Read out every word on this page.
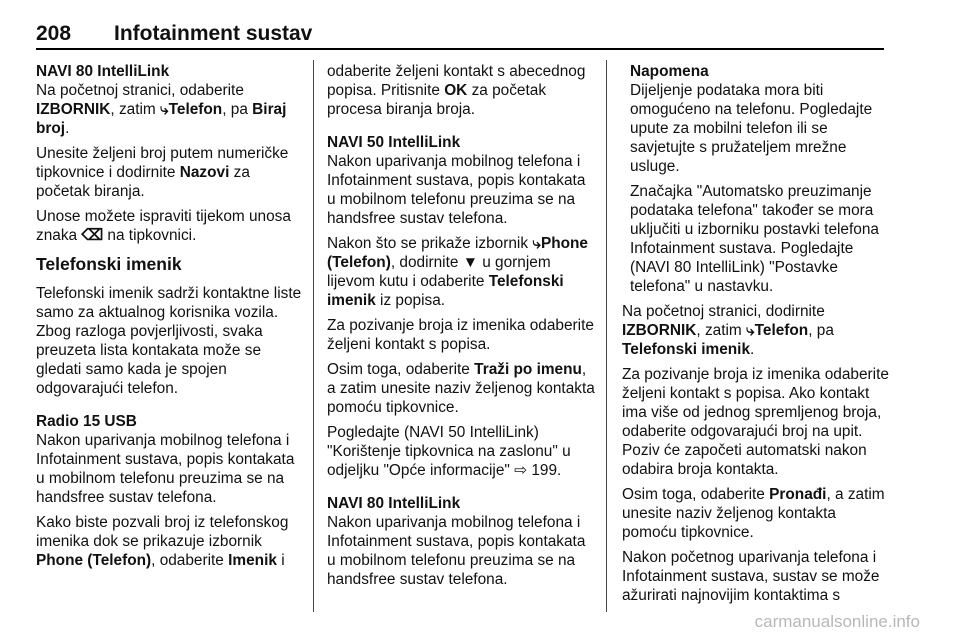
208 Infotainment sustav

NAVI 80 IntelliLink

Na početnoj stranici, odaberite IZBORNIK, zatim ⤷Telefon, pa Biraj broj.

Unesite željeni broj putem numeričke tipkovnice i dodirnite Nazovi za početak biranja.

Unose možete ispraviti tijekom unosa znaka ⌫ na tipkovnici.

Telefonski imenik

Telefonski imenik sadrži kontaktne liste samo za aktualnog korisnika vozila. Zbog razloga povjerljivosti, svaka preuzeta lista kontakata može se gledati samo kada je spojen odgovarajući telefon.

Radio 15 USB

Nakon uparivanja mobilnog telefona i Infotainment sustava, popis kontakata u mobilnom telefonu preuzima se na handsfree sustav telefona.

Kako biste pozvali broj iz telefonskog imenika dok se prikazuje izbornik Phone (Telefon), odaberite Imenik i

odaberite željeni kontakt s abecednog popisa. Pritisnite OK za početak procesa biranja broja.

NAVI 50 IntelliLink

Nakon uparivanja mobilnog telefona i Infotainment sustava, popis kontakata u mobilnom telefonu preuzima se na handsfree sustav telefona.

Nakon što se prikaže izbornik ⤷Phone (Telefon), dodirnite ▼ u gornjem lijevom kutu i odaberite Telefonski imenik iz popisa.

Za pozivanje broja iz imenika odaberite željeni kontakt s popisa.

Osim toga, odaberite Traži po imenu, a zatim unesite naziv željenog kontakta pomoću tipkovnice.

Pogledajte (NAVI 50 IntelliLink) "Korištenje tipkovnica na zaslonu" u odjeljku "Opće informacije" ⇨ 199.

NAVI 80 IntelliLink

Nakon uparivanja mobilnog telefona i Infotainment sustava, popis kontakata u mobilnom telefonu preuzima se na handsfree sustav telefona.

Napomena

Dijeljenje podataka mora biti omogućeno na telefonu. Pogledajte upute za mobilni telefon ili se savjetujte s pružateljem mrežne usluge.

Značajka "Automatsko preuzimanje podataka telefona" također se mora uključiti u izborniku postavki telefona Infotainment sustava. Pogledajte (NAVI 80 IntelliLink) "Postavke telefona" u nastavku.

Na početnoj stranici, dodirnite IZBORNIK, zatim ⤷Telefon, pa Telefonski imenik.

Za pozivanje broja iz imenika odaberite željeni kontakt s popisa. Ako kontakt ima više od jednog spremljenog broja, odaberite odgovarajući broj na upit. Poziv će započeti automatski nakon odabira broja kontakta.

Osim toga, odaberite Pronađi, a zatim unesite naziv željenog kontakta pomoću tipkovnice.

Nakon početnog uparivanja telefona i Infotainment sustava, sustav se može ažurirati najnovijim kontaktima s

carmanualsonline.info
